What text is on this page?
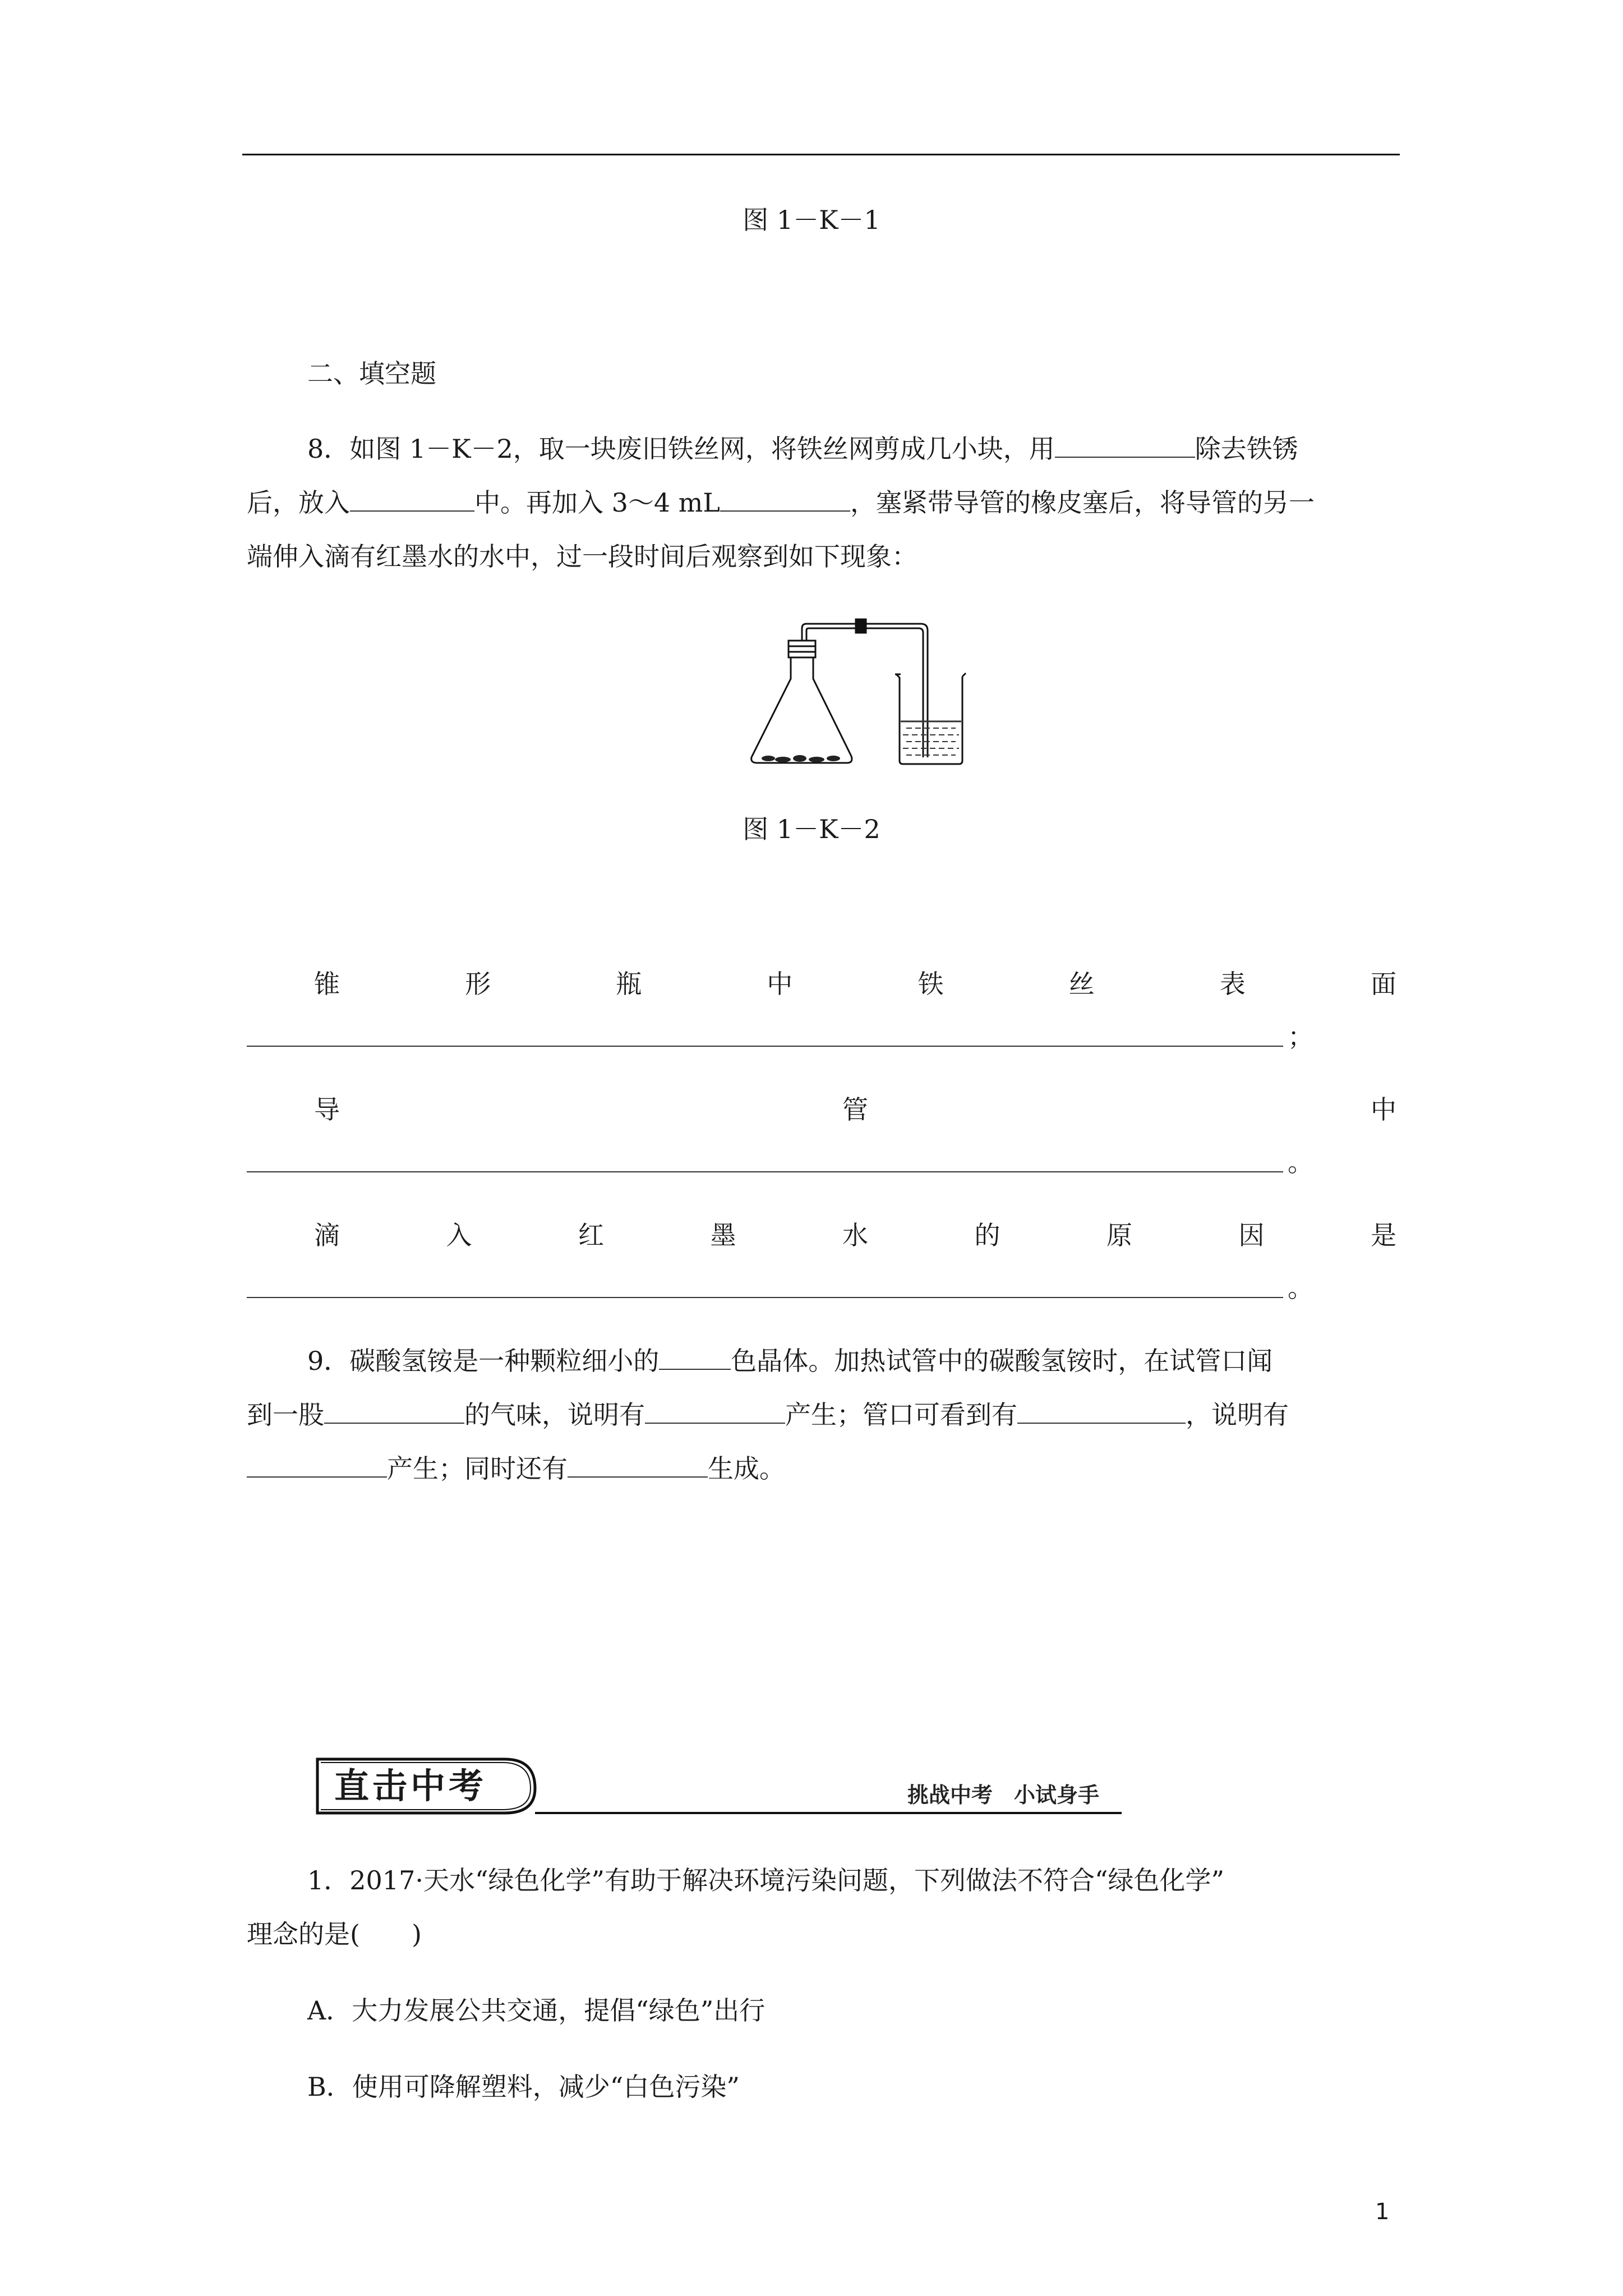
图 1－K－1
二、填空题
8．如图 1－K－2，取一块废旧铁丝网，将铁丝网剪成几小块，用	除去铁锈
后，放入	中。再加入 3～4 mL	，塞紧带导管的橡皮塞后，将导管的另一
端伸入滴有红墨水的水中，过一段时间后观察到如下现象：
图 1－K－2
锥	形	瓶	中	铁	丝	表	面
；
导	管	中
。
滴	入	红	墨	水	的	原	因	是
。
9．碳酸氢铵是一种颗粒细小的	色晶体。加热试管中的碳酸氢铵时，在试管口闻
到一股	的气味，说明有	产生；管口可看到有	，说明有
产生；同时还有	生成。
直击中考	挑战中考　小试身手
1．2017·天水“绿色化学”有助于解决环境污染问题，下列做法不符合“绿色化学”
理念的是(　　)
A．大力发展公共交通，提倡“绿色”出行
B．使用可降解塑料，减少“白色污染”
1
